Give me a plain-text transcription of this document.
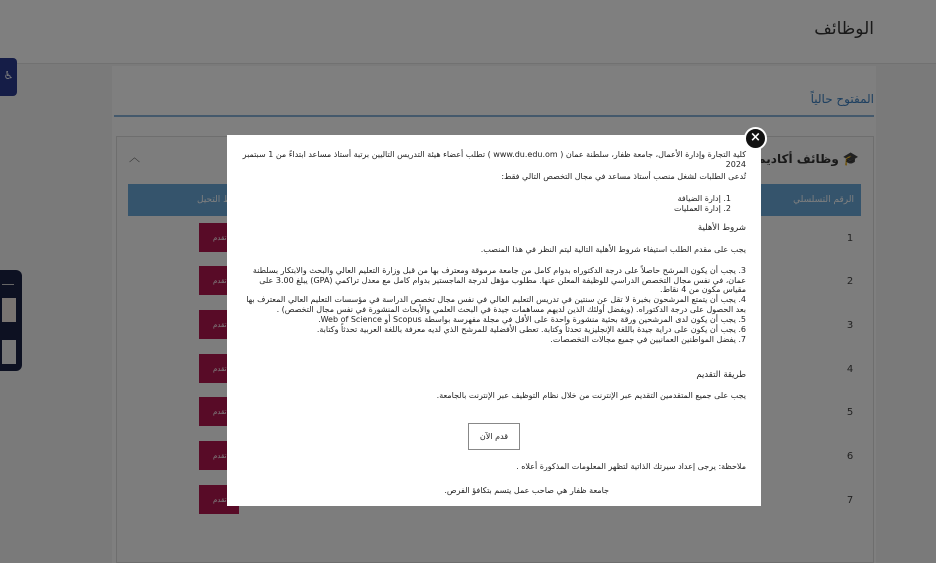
كلية التجارة وإدارة الأعمال، جامعة ظفار، سلطنة عمان ( www.du.edu.om ) تطلب أعضاء هيئة التدريس التاليين برتبة أستاذ مساعد ابتداءً من 1 سبتمبر 2024
تُدعى الطلبات لشغل منصب أستاذ مساعد في مجال التخصص التالي فقط:
1. إدارة الضيافة
2. إدارة العمليات
شروط الأهلية
يجب على مقدم الطلب استيفاء شروط الأهلية التالية ليتم النظر في هذا المنصب.
3. يجب أن يكون المرشح حاصلاً على درجة الدكتوراه بدوام كامل من جامعة مرموقة ومعترف بها من قبل وزارة التعليم العالي والبحث والابتكار بسلطنة عمان، في نفس مجال التخصص الدراسي للوظيفة المعلن عنها. مطلوب مؤهل لدرجة الماجستير بدوام كامل مع معدل تراكمي (GPA) يبلغ 3.00 على مقياس مكون من 4 نقاط.
4. يجب أن يتمتع المرشحون بخبرة لا تقل عن سنتين في تدريس التعليم العالي في نفس مجال تخصص الدراسة في مؤسسات التعليم العالي المعترف بها بعد الحصول على درجة الدكتوراه. (ويفضل أولئك الذين لديهم مساهمات جيدة في البحث العلمي والأبحاث المنشورة في نفس مجال التخصص) .
5. يجب أن يكون لدى المرشحين ورقة بحثية منشورة واحدة على الأقل في مجلة مفهرسة بواسطة Scopus أو Web of Science.
6. يجب أن يكون على دراية جيدة باللغة الإنجليزية تحدثاً وكتابة. تعطى الأفضلية للمرشح الذي لديه معرفة باللغة العربية تحدثاً وكتابة.
7. يفضل المواطنين العمانيين في جميع مجالات التخصصات.
طريقة التقديم
يجب على جميع المتقدمين التقديم عبر الإنترنت من خلال نظام التوظيف عبر الإنترنت بالجامعة.
ملاحظة: يرجى إعداد سيرتك الذاتية لتظهر المعلومات المذكورة أعلاه .
جامعة ظفار هي صاحب عمل يتسم بتكافؤ الفرص.
قدم الآن
×
